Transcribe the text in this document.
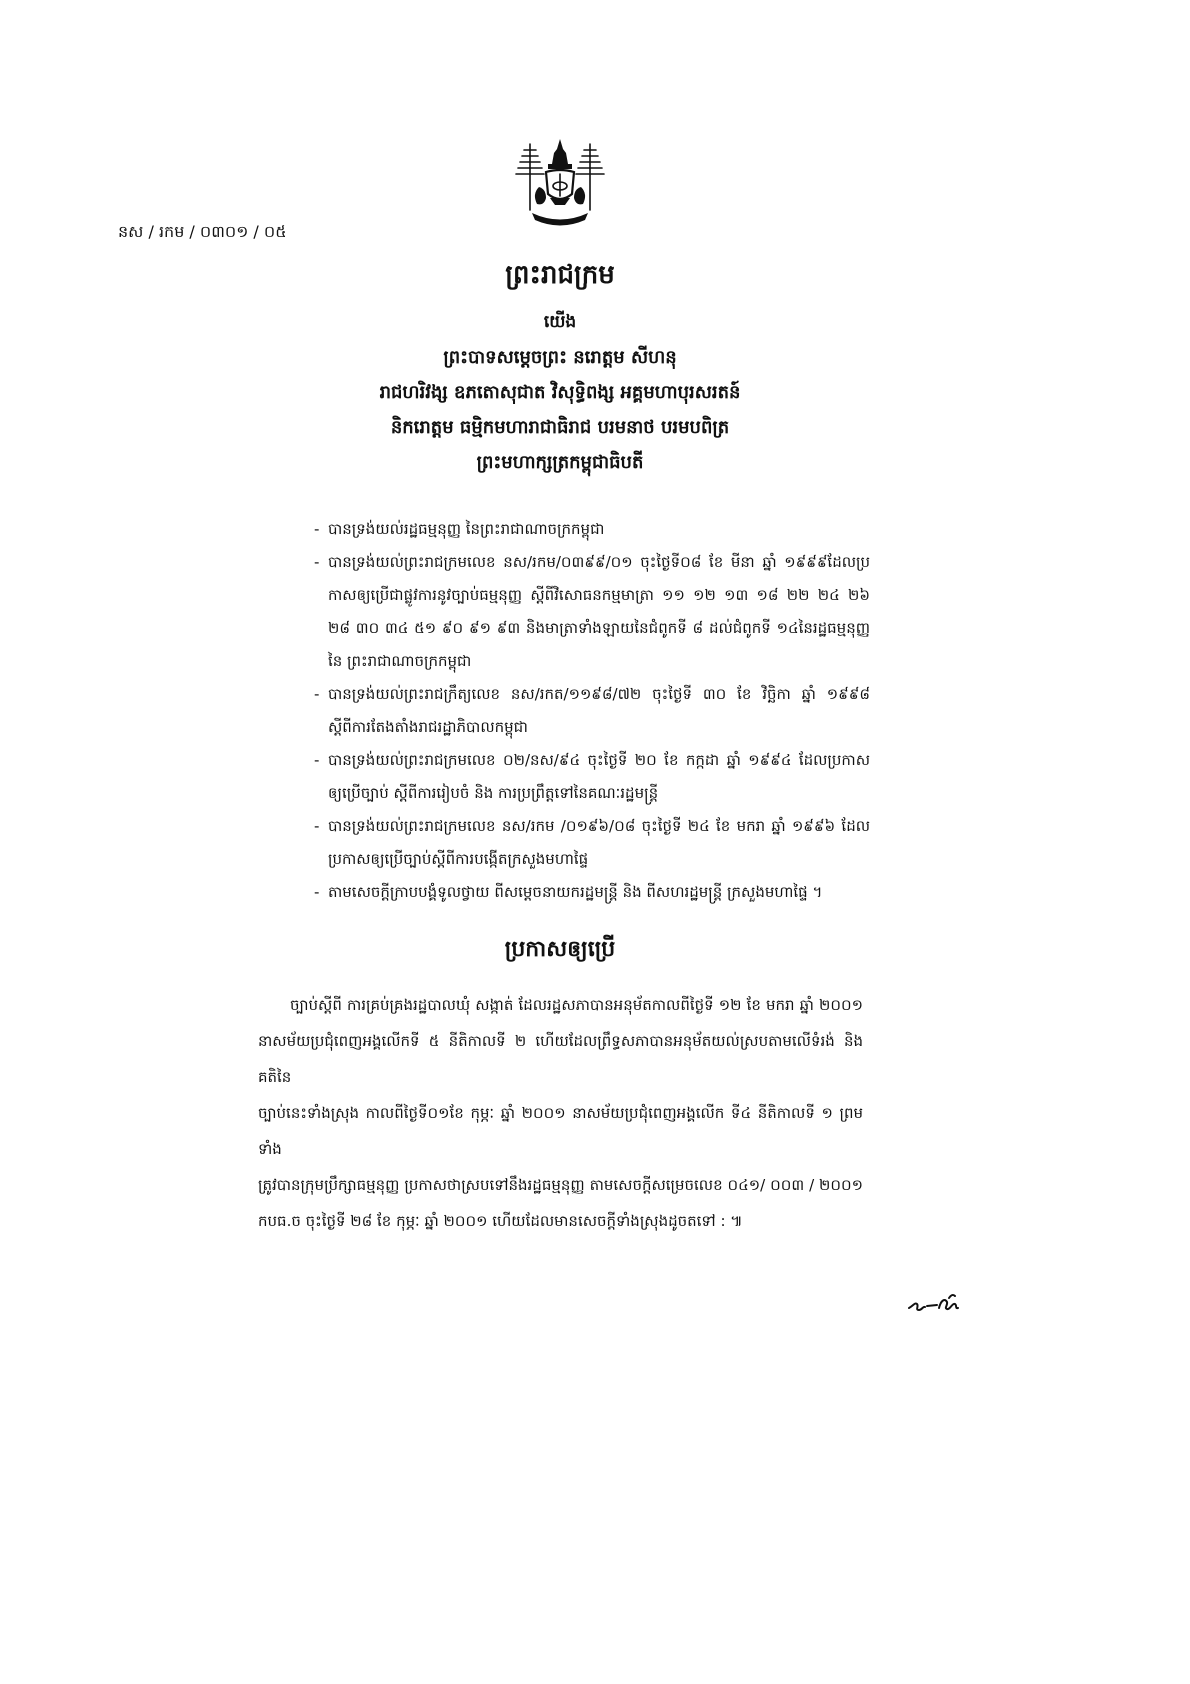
នស / រកម / ០៣០១ / ០៥
ព្រះរាជក្រម
យើង
ព្រះបាទសម្តេចព្រះ នរោត្តម សីហនុ
រាជហរិវង្ស ឧភតោសុជាត វិសុទ្ធិពង្ស អគ្គមហាបុរសរតន៍
និករោត្តម ធម្មិកមហារាជាធិរាជ បរមនាថ បរមបពិត្រ
ព្រះមហាក្សត្រកម្ពុជាធិបតី
- បានទ្រង់យល់រដ្ឋធម្មនុញ្ញ នៃព្រះរាជាណាចក្រកម្ពុជា
- បានទ្រង់យល់ព្រះរាជក្រមលេខ នស/រកម/០៣៩៩/០១ ចុះថ្ងៃទី០៨ ខែ មីនា ឆ្នាំ ១៩៩៩ដែលប្រ
កាសឲ្យប្រើជាផ្លូវការនូវច្បាប់ធម្មនុញ្ញ ស្ដីពីវិសោធនកម្មមាត្រា ១១ ១២ ១៣ ១៨ ២២ ២៤ ២៦
២៨ ៣០ ៣៤ ៥១ ៩០ ៩១ ៩៣ និងមាត្រាទាំងឡាយនៃជំពូកទី ៨ ដល់ជំពូកទី ១៤នៃរដ្ឋធម្មនុញ្ញ
នៃ ព្រះរាជាណាចក្រកម្ពុជា
- បានទ្រង់យល់ព្រះរាជក្រឹត្យលេខ នស/រកត/១១៩៨/៧២ ចុះថ្ងៃទី ៣០ ខែ វិច្ឆិកា ឆ្នាំ ១៩៩៨
ស្ដីពីការតែងតាំងរាជរដ្ឋាភិបាលកម្ពុជា
- បានទ្រង់យល់ព្រះរាជក្រមលេខ ០២/នស/៩៤ ចុះថ្ងៃទី ២០ ខែ កក្កដា ឆ្នាំ ១៩៩៤ ដែលប្រកាស
ឲ្យប្រើច្បាប់ ស្ដីពីការរៀបចំ និង ការប្រព្រឹត្តទៅនៃគណៈរដ្ឋមន្ត្រី
- បានទ្រង់យល់ព្រះរាជក្រមលេខ នស/រកម /០១៩៦/០៨ ចុះថ្ងៃទី ២៤ ខែ មករា ឆ្នាំ ១៩៩៦ ដែល
ប្រកាសឲ្យប្រើច្បាប់ស្ដីពីការបង្កើតក្រសួងមហាផ្ទៃ
- តាមសេចក្ដីក្រាបបង្គំទូលថ្វាយ ពីសម្ដេចនាយករដ្ឋមន្ត្រី និង ពីសហរដ្ឋមន្ត្រី ក្រសួងមហាផ្ទៃ ។
ប្រកាសឲ្យប្រើ
ច្បាប់ស្ដីពី ការគ្រប់គ្រងរដ្ឋបាលឃុំ សង្កាត់ ដែលរដ្ឋសភាបានអនុម័តកាលពីថ្ងៃទី ១២ ខែ មករា ឆ្នាំ ២០០១
នាសម័យប្រជុំពេញអង្គលើកទី ៥ នីតិកាលទី ២ ហើយដែលព្រឹទ្ធសភាបានអនុម័តយល់ស្របតាមលើទំរង់ និង គតិនៃ
ច្បាប់នេះទាំងស្រុង កាលពីថ្ងៃទី០១ខែ កុម្ភៈ ឆ្នាំ ២០០១ នាសម័យប្រជុំពេញអង្គលើក ទី៤ នីតិកាលទី ១ ព្រមទាំង
ត្រូវបានក្រុមប្រឹក្សាធម្មនុញ្ញ ប្រកាសថាស្របទៅនឹងរដ្ឋធម្មនុញ្ញ តាមសេចក្ដីសម្រេចលេខ ០៤១/ ០០៣ / ២០០១
កបធ.ច ចុះថ្ងៃទី ២៨ ខែ កុម្ភៈ ឆ្នាំ ២០០១ ហើយដែលមានសេចក្ដីទាំងស្រុងដូចតទៅ : ៕
